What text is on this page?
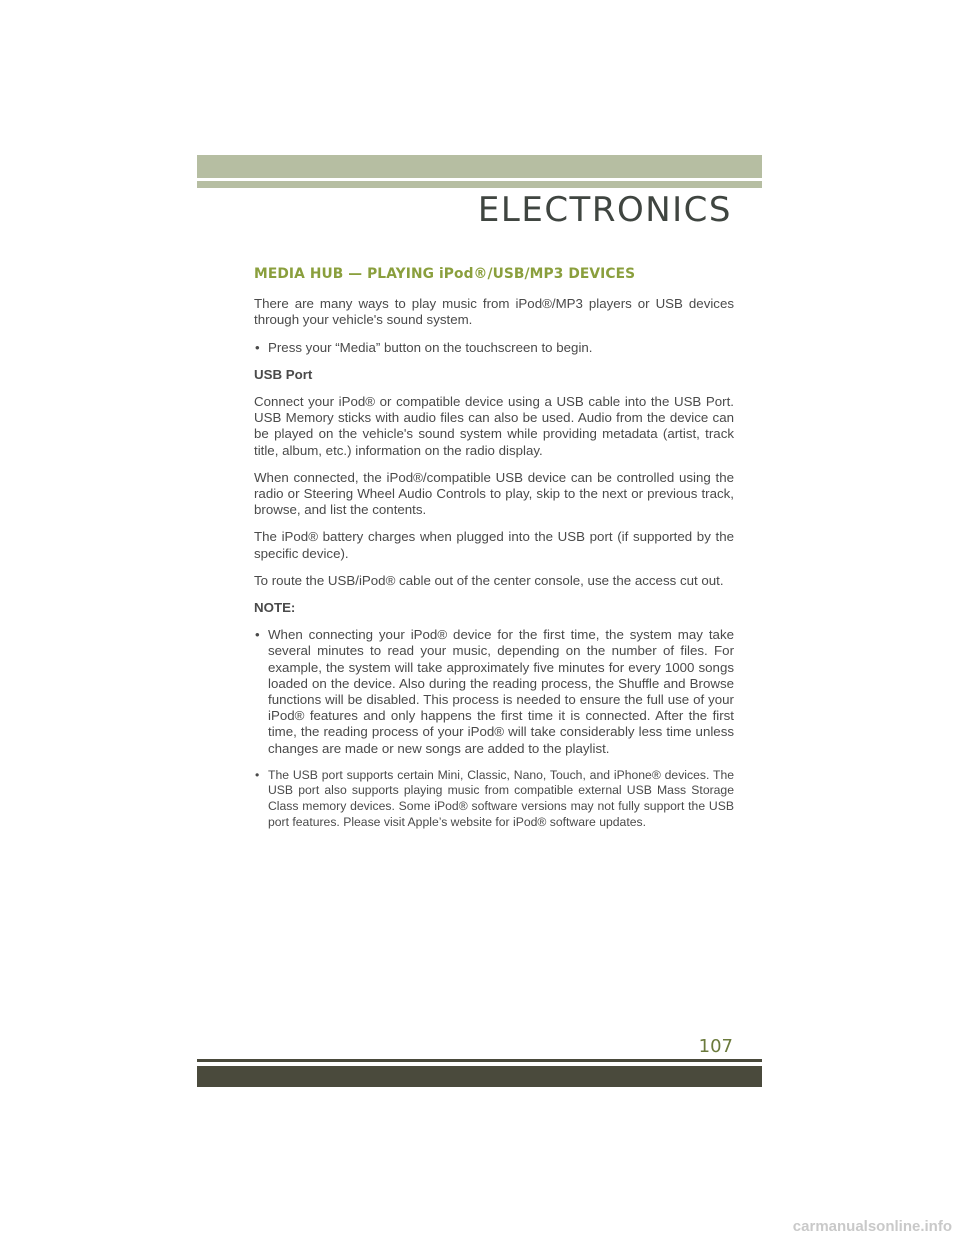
ELECTRONICS
MEDIA HUB — PLAYING iPod®/USB/MP3 DEVICES

There are many ways to play music from iPod®/MP3 players or USB devices through your vehicle's sound system.

• Press your “Media” button on the touchscreen to begin.
USB Port

Connect your iPod® or compatible device using a USB cable into the USB Port. USB Memory sticks with audio files can also be used. Audio from the device can be played on the vehicle's sound system while providing metadata (artist, track title, album, etc.) information on the radio display.

When connected, the iPod®/compatible USB device can be controlled using the radio or Steering Wheel Audio Controls to play, skip to the next or previous track, browse, and list the contents.

The iPod® battery charges when plugged into the USB port (if supported by the specific device).

To route the USB/iPod® cable out of the center console, use the access cut out.

NOTE:
• When connecting your iPod® device for the first time, the system may take several minutes to read your music, depending on the number of files. For example, the system will take approximately five minutes for every 1000 songs loaded on the device. Also during the reading process, the Shuffle and Browse functions will be disabled. This process is needed to ensure the full use of your iPod® features and only happens the first time it is connected. After the first time, the reading process of your iPod® will take considerably less time unless changes are made or new songs are added to the playlist.
• The USB port supports certain Mini, Classic, Nano, Touch, and iPhone® devices. The USB port also supports playing music from compatible external USB Mass Storage Class memory devices. Some iPod® software versions may not fully support the USB port features. Please visit Apple’s website for iPod® software updates.
107
carmanualsonline.info
